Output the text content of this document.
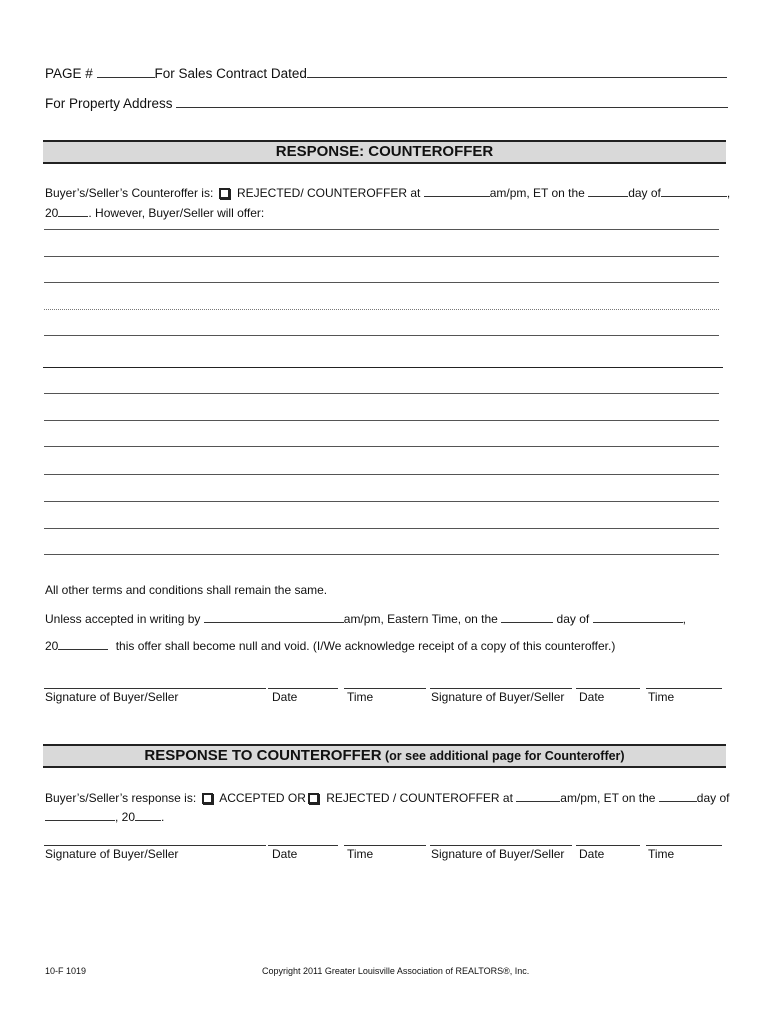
PAGE #	For Sales Contract Dated
For Property Address
RESPONSE: COUNTEROFFER
Buyer’s/Seller’s Counteroffer is: REJECTED/ COUNTEROFFER at	am/pm, ET on the	day of	,
20	. However, Buyer/Seller will offer:
All other terms and conditions shall remain the same.
Unless accepted in writing by	am/pm, Eastern Time, on the	day of	,
20	this offer shall become null and void. (I/We acknowledge receipt of a copy of this counteroffer.)
Signature of Buyer/Seller	Date	Time	Signature of Buyer/Seller Date	Time
RESPONSE TO COUNTEROFFER (or see additional page for Counteroffer)
Buyer’s/Seller’s response is: ACCEPTED OR REJECTED / COUNTEROFFER at	am/pm, ET on the	day of
, 20 .
Signature of Buyer/Seller	Date	Time	Signature of Buyer/Seller Date	Time
10-F 1019	Copyright 2011 Greater Louisville Association of REALTORS®, Inc.
